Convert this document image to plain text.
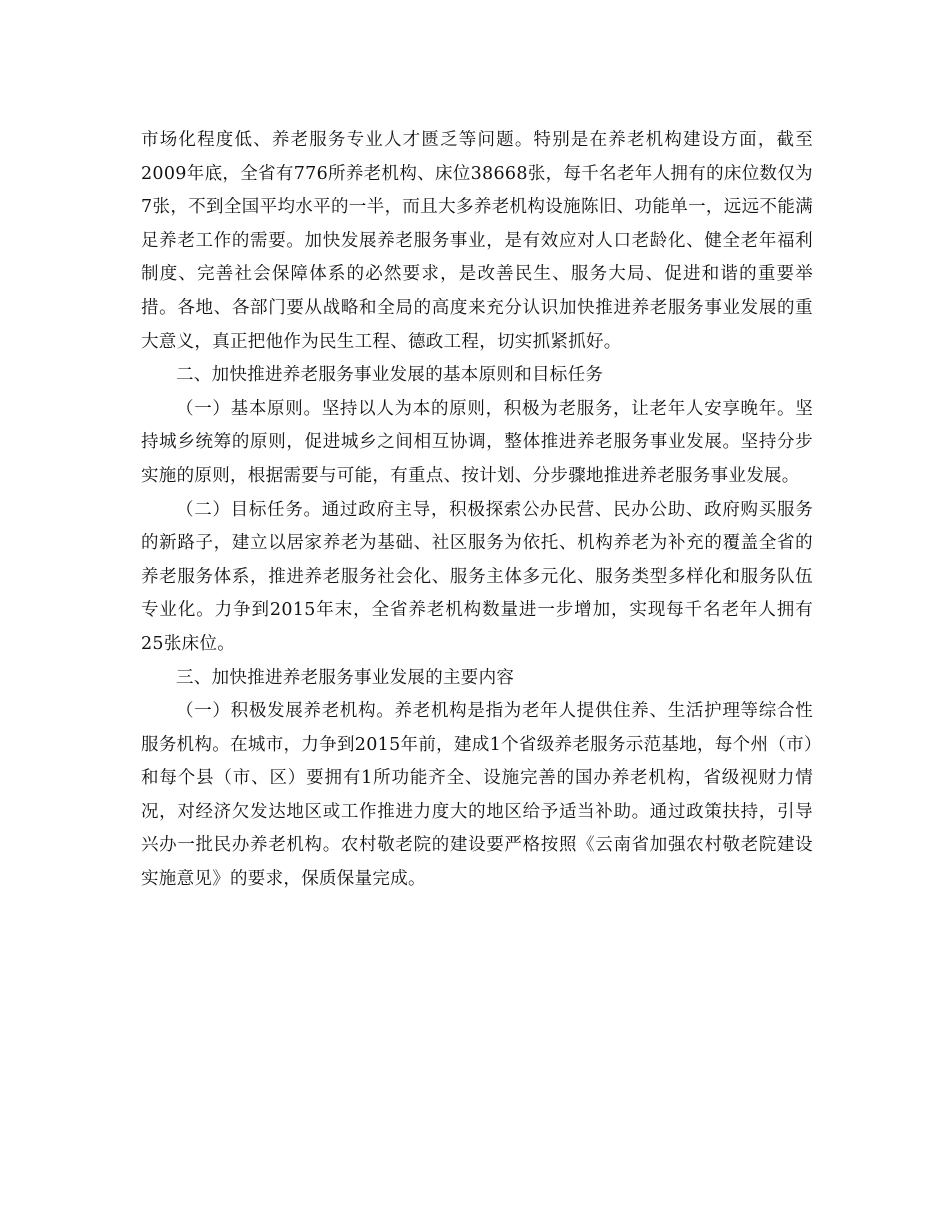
市场化程度低、养老服务专业人才匮乏等问题。特别是在养老机构建设方面，截至2009年底，全省有776所养老机构、床位38668张，每千名老年人拥有的床位数仅为7张，不到全国平均水平的一半，而且大多养老机构设施陈旧、功能单一，远远不能满足养老工作的需要。加快发展养老服务事业，是有效应对人口老龄化、健全老年福利制度、完善社会保障体系的必然要求，是改善民生、服务大局、促进和谐的重要举措。各地、各部门要从战略和全局的高度来充分认识加快推进养老服务事业发展的重大意义，真正把他作为民生工程、德政工程，切实抓紧抓好。

二、加快推进养老服务事业发展的基本原则和目标任务

（一）基本原则。坚持以人为本的原则，积极为老服务，让老年人安享晚年。坚持城乡统筹的原则，促进城乡之间相互协调，整体推进养老服务事业发展。坚持分步实施的原则，根据需要与可能，有重点、按计划、分步骤地推进养老服务事业发展。

（二）目标任务。通过政府主导，积极探索公办民营、民办公助、政府购买服务的新路子，建立以居家养老为基础、社区服务为依托、机构养老为补充的覆盖全省的养老服务体系，推进养老服务社会化、服务主体多元化、服务类型多样化和服务队伍专业化。力争到2015年末，全省养老机构数量进一步增加，实现每千名老年人拥有25张床位。

三、加快推进养老服务事业发展的主要内容

（一）积极发展养老机构。养老机构是指为老年人提供住养、生活护理等综合性服务机构。在城市，力争到2015年前，建成1个省级养老服务示范基地，每个州（市）和每个县（市、区）要拥有1所功能齐全、设施完善的国办养老机构，省级视财力情况，对经济欠发达地区或工作推进力度大的地区给予适当补助。通过政策扶持，引导兴办一批民办养老机构。农村敬老院的建设要严格按照《云南省加强农村敬老院建设实施意见》的要求，保质保量完成。
